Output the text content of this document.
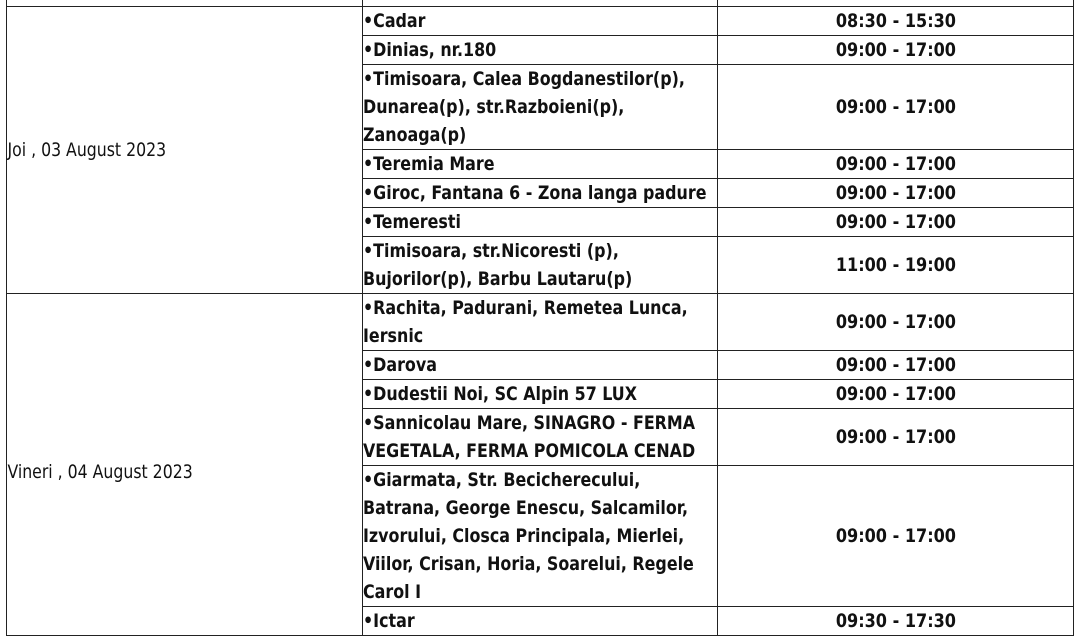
Joi , 03 August 2023	•Cadar	08:30 - 15:30
	•Dinias, nr.180	09:00 - 17:00
	•Timisoara, Calea Bogdanestilor(p), Dunarea(p), str.Razboieni(p), Zanoaga(p)	09:00 - 17:00
	•Teremia Mare	09:00 - 17:00
	•Giroc, Fantana 6 - Zona langa padure	09:00 - 17:00
	•Temeresti	09:00 - 17:00
	•Timisoara, str.Nicoresti (p), Bujorilor(p), Barbu Lautaru(p)	11:00 - 19:00
Vineri , 04 August 2023	•Rachita, Padurani, Remetea Lunca, Iersnic	09:00 - 17:00
	•Darova	09:00 - 17:00
	•Dudestii Noi, SC Alpin 57 LUX	09:00 - 17:00
	•Sannicolau Mare, SINAGRO - FERMA VEGETALA, FERMA POMICOLA CENAD	09:00 - 17:00
	•Giarmata, Str. Becicherecului, Batrana, George Enescu, Salcamilor, Izvorului, Closca Principala, Mierlei, Viilor, Crisan, Horia, Soarelui, Regele Carol I	09:00 - 17:00
	•Ictar	09:30 - 17:30
